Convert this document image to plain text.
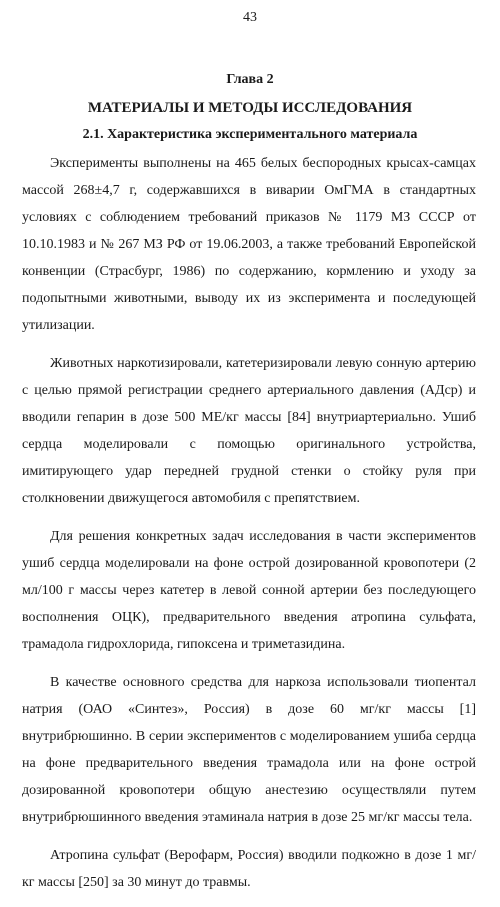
43
Глава 2
МАТЕРИАЛЫ И МЕТОДЫ ИССЛЕДОВАНИЯ
2.1. Характеристика экспериментального материала

Эксперименты выполнены на 465 белых беспородных крысах-самцах массой 268±4,7 г, содержавшихся в виварии ОмГМА в стандартных условиях с соблюдением требований приказов № 1179 МЗ СССР от 10.10.1983 и № 267 МЗ РФ от 19.06.2003, а также требований Европейской конвенции (Страсбург, 1986) по содержанию, кормлению и уходу за подопытными животными, выводу их из эксперимента и последующей утилизации.

Животных наркотизировали, катетеризировали левую сонную артерию с целью прямой регистрации среднего артериального давления (АДср) и вводили гепарин в дозе 500 МЕ/кг массы [84] внутриартериально. Ушиб сердца моделировали с помощью оригинального устройства, имитирующего удар передней грудной стенки о стойку руля при столкновении движущегося автомобиля с препятствием.

Для решения конкретных задач исследования в части экспериментов ушиб сердца моделировали на фоне острой дозированной кровопотери (2 мл/100 г массы через катетер в левой сонной артерии без последующего восполнения ОЦК), предварительного введения атропина сульфата, трамадола гидрохлорида, гипоксена и триметазидина.

В качестве основного средства для наркоза использовали тиопентал натрия (ОАО «Синтез», Россия) в дозе 60 мг/кг массы [1] внутрибрюшинно. В серии экспериментов с моделированием ушиба сердца на фоне предварительного введения трамадола или на фоне острой дозированной кровопотери общую анестезию осуществляли путем внутрибрюшинного введения этаминала натрия в дозе 25 мг/кг массы тела.

Атропина сульфат (Верофарм, Россия) вводили подкожно в дозе 1 мг/кг массы [250] за 30 минут до травмы.
